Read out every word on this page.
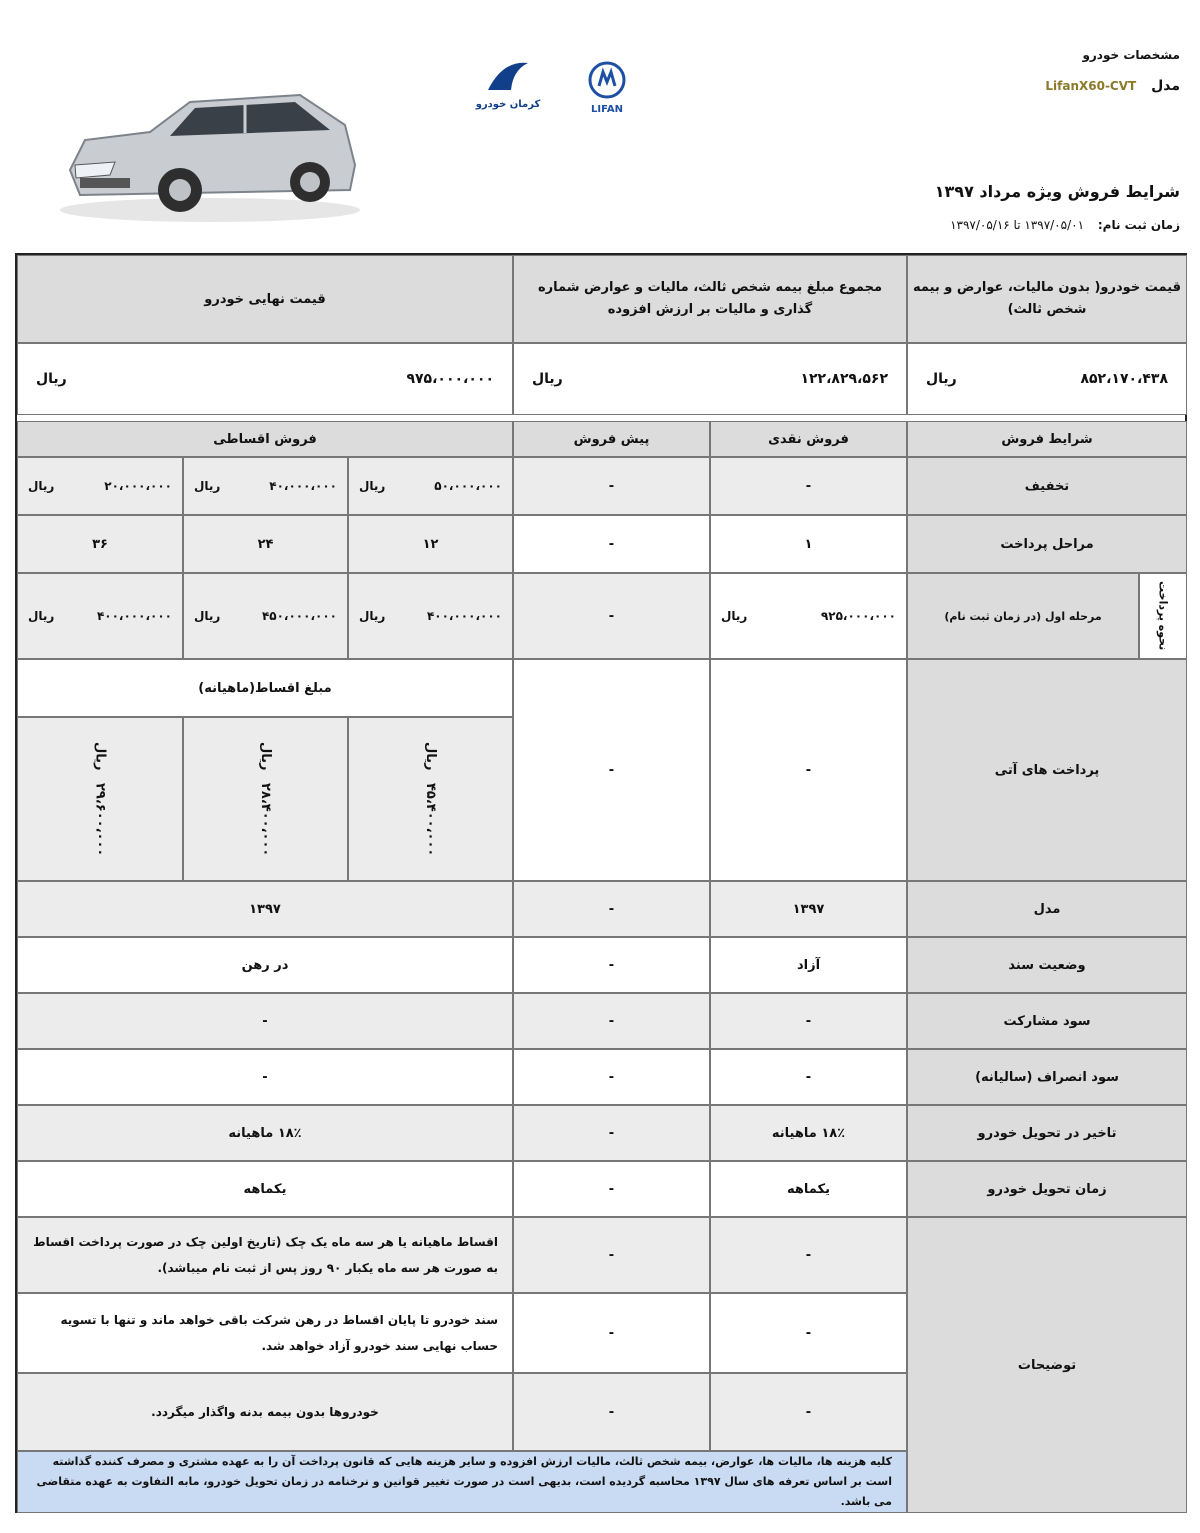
مشخصات خودرو
مدل LifanX60-CVT
شرایط فروش ویژه مرداد ۱۳۹۷
زمان ثبت نام: ۱۳۹۷/۰۵/۰۱ تا ۱۳۹۷/۰۵/۱۶
LIFAN
کرمان خودرو
قیمت خودرو( بدون مالیات، عوارض و بیمه شخص ثالث)
مجموع مبلغ بیمه شخص ثالث، مالیات و عوارض شماره گذاری و مالیات بر ارزش افزوده
قیمت نهایی خودرو
۸۵۲،۱۷۰،۴۳۸
ریال
۱۲۲،۸۲۹،۵۶۲
ریال
۹۷۵،۰۰۰،۰۰۰
ریال
شرایط فروش
فروش نقدی
پیش فروش
فروش اقساطی
تخفیف
-
-
۵۰،۰۰۰،۰۰۰
ریال
۴۰،۰۰۰،۰۰۰
ریال
۲۰،۰۰۰،۰۰۰
ریال
مراحل پرداخت
۱
-
۱۲
۲۴
۳۶
نحوه پرداخت
مرحله اول (در زمان ثبت نام)
۹۲۵،۰۰۰،۰۰۰
ریال
-
۴۰۰،۰۰۰،۰۰۰
ریال
۴۵۰،۰۰۰،۰۰۰
ریال
۴۰۰،۰۰۰،۰۰۰
ریال
پرداخت های آتی
-
-
مبلغ اقساط(ماهیانه)
ریال
۴۵،۴۰۰،۰۰۰
ریال
۲۸،۴۰۰،۰۰۰
ریال
۲۹،۶۰۰،۰۰۰
مدل
۱۳۹۷
-
۱۳۹۷
وضعیت سند
آزاد
-
در رهن
سود مشارکت
-
-
-
سود انصراف (سالیانه)
-
-
-
تاخیر در تحویل خودرو
۱۸٪ ماهیانه
-
۱۸٪ ماهیانه
زمان تحویل خودرو
یکماهه
-
یکماهه
توضیحات
-
-
اقساط ماهیانه یا هر سه ماه یک چک (تاریخ اولین چک در صورت پرداخت اقساط به صورت هر سه ماه یکبار ۹۰ روز پس از ثبت نام میباشد).
-
-
سند خودرو تا پایان اقساط در رهن شرکت باقی خواهد ماند و تنها با تسویه حساب نهایی سند خودرو آزاد خواهد شد.
-
-
خودروها بدون بیمه بدنه واگذار میگردد.
کلیه هزینه ها، مالیات ها، عوارض، بیمه شخص ثالث، مالیات ارزش افزوده و سایر هزینه هایی که قانون پرداخت آن را به عهده مشتری و مصرف کننده گذاشته است بر اساس تعرفه های سال ۱۳۹۷ محاسبه گردیده است، بدیهی است در صورت تغییر قوانین و نرخنامه در زمان تحویل خودرو، مابه التفاوت به عهده متقاضی می باشد.
